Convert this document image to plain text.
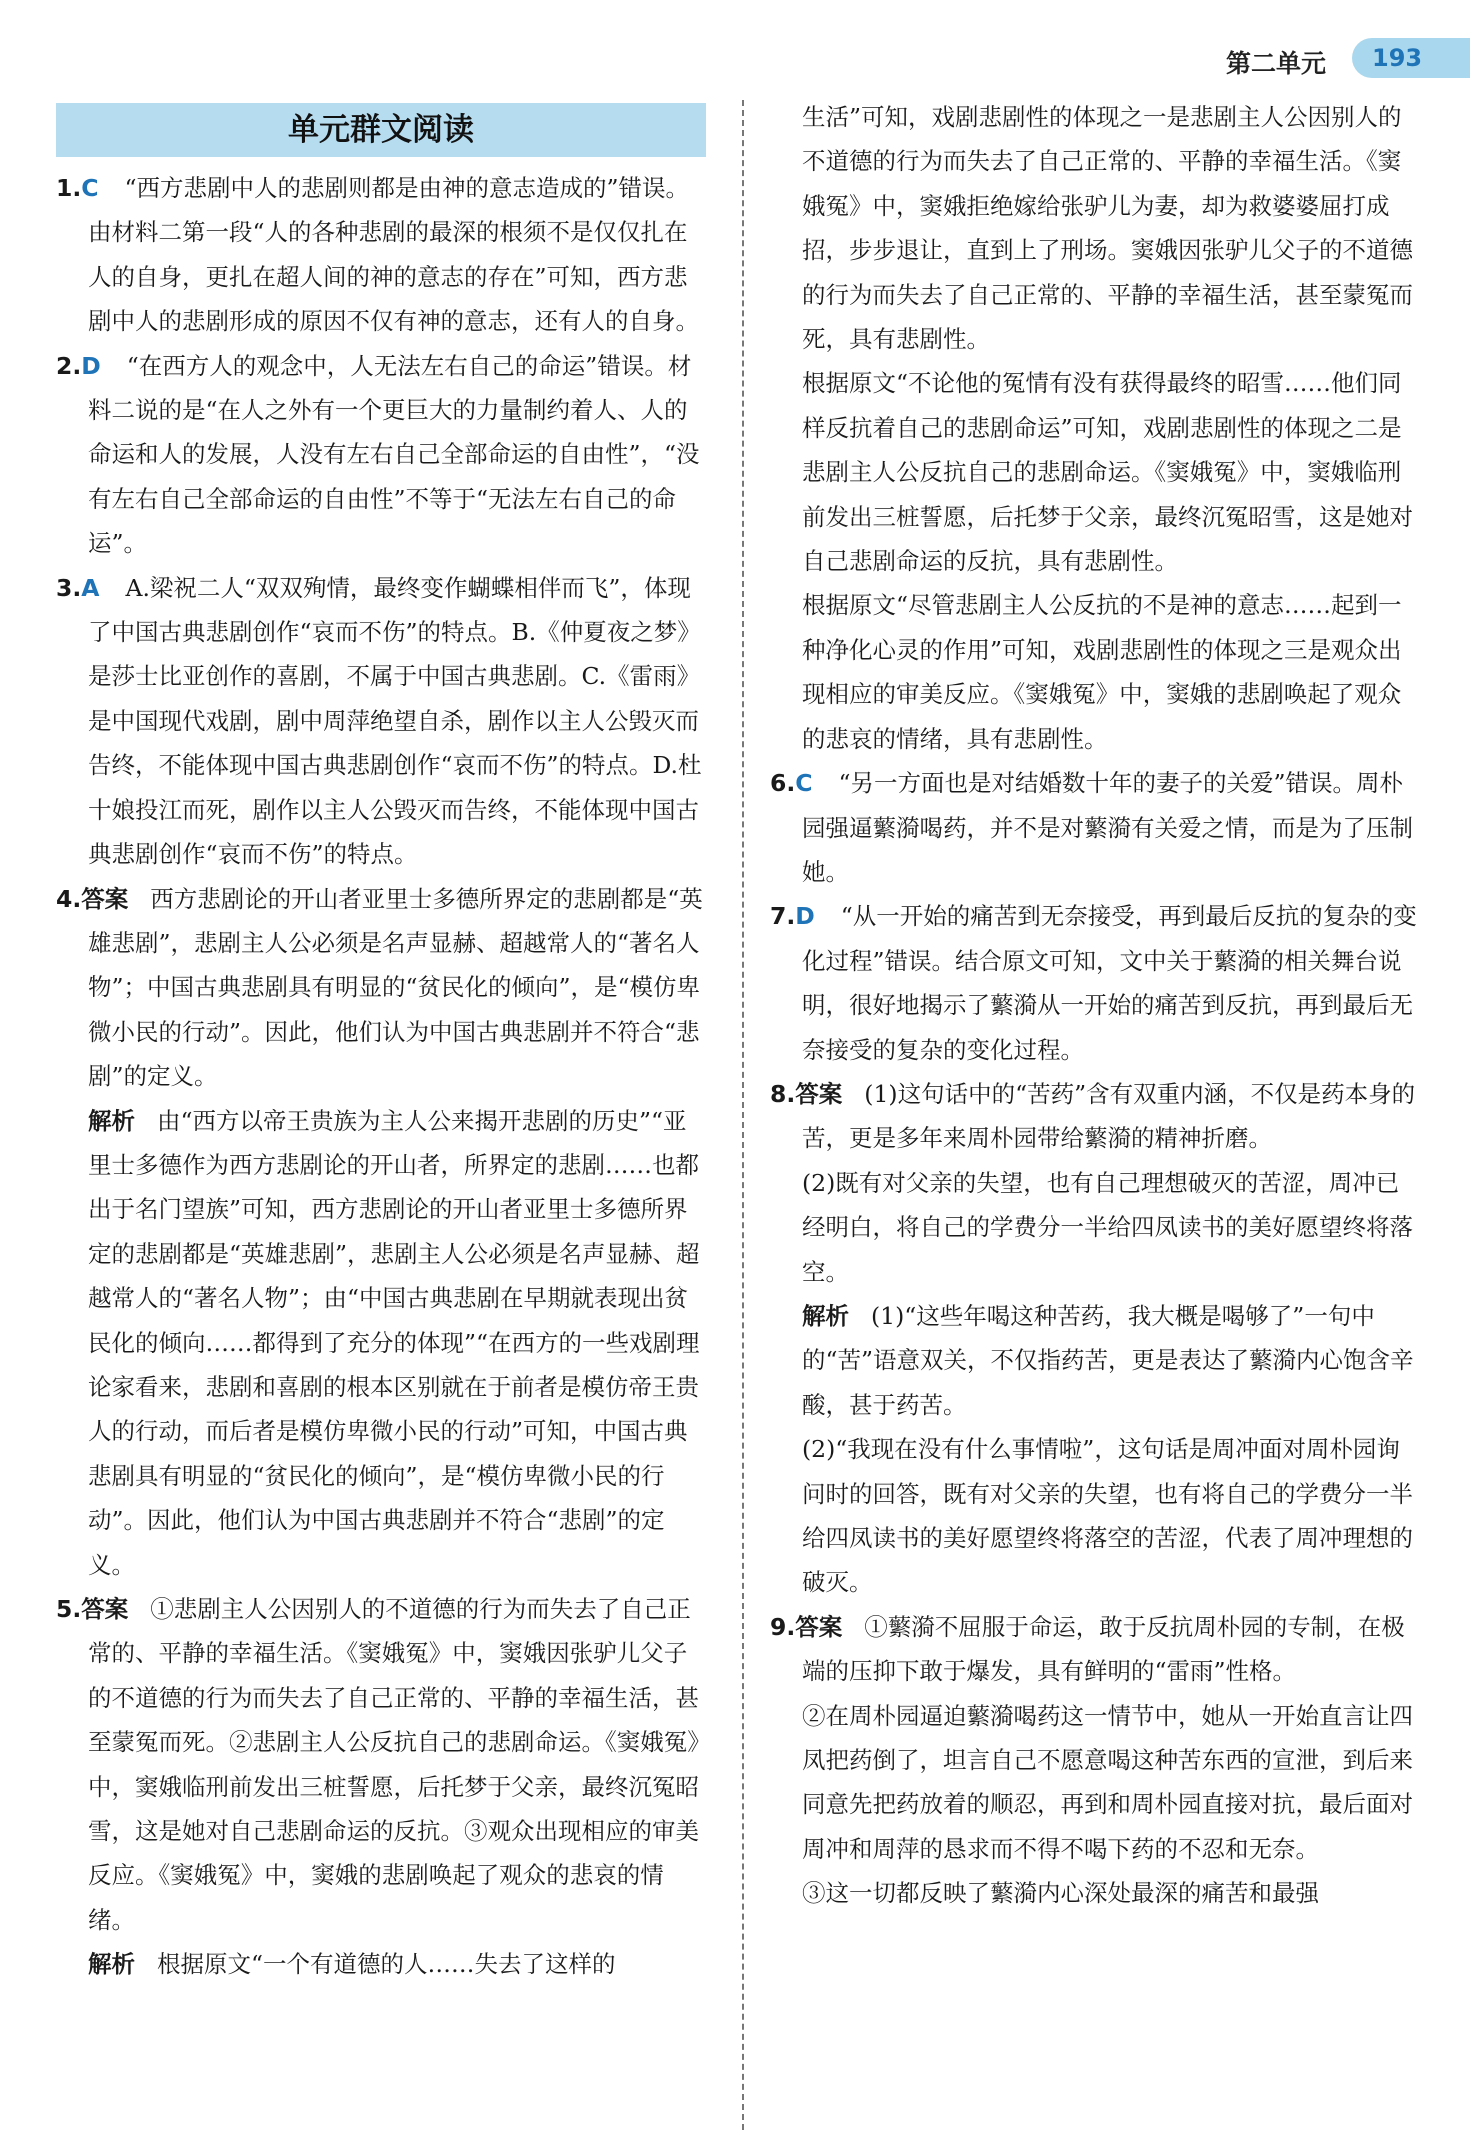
第二单元 193
单元群文阅读

1.C “西方悲剧中人的悲剧则都是由神的意志造成的”错误。由材料二第一段“人的各种悲剧的最深的根须不是仅仅扎在人的自身，更扎在超人间的神的意志的存在”可知，西方悲剧中人的悲剧形成的原因不仅有神的意志，还有人的自身。

2.D “在西方人的观念中，人无法左右自己的命运”错误。材料二说的是“在人之外有一个更巨大的力量制约着人、人的命运和人的发展，人没有左右自己全部命运的自由性”，“没有左右自己全部命运的自由性”不等于“无法左右自己的命运”。

3.A A.梁祝二人“双双殉情，最终变作蝴蝶相伴而飞”，体现了中国古典悲剧创作“哀而不伤”的特点。B.《仲夏夜之梦》是莎士比亚创作的喜剧，不属于中国古典悲剧。C.《雷雨》是中国现代戏剧，剧中周萍绝望自杀，剧作以主人公毁灭而告终，不能体现中国古典悲剧创作“哀而不伤”的特点。D.杜十娘投江而死，剧作以主人公毁灭而告终，不能体现中国古典悲剧创作“哀而不伤”的特点。

4.答案 西方悲剧论的开山者亚里士多德所界定的悲剧都是“英雄悲剧”，悲剧主人公必须是名声显赫、超越常人的“著名人物”；中国古典悲剧具有明显的“贫民化的倾向”，是“模仿卑微小民的行动”。因此，他们认为中国古典悲剧并不符合“悲剧”的定义。

解析 由“西方以帝王贵族为主人公来揭开悲剧的历史”“亚里士多德作为西方悲剧论的开山者，所界定的悲剧……也都出于名门望族”可知，西方悲剧论的开山者亚里士多德所界定的悲剧都是“英雄悲剧”，悲剧主人公必须是名声显赫、超越常人的“著名人物”；由“中国古典悲剧在早期就表现出贫民化的倾向……都得到了充分的体现”“在西方的一些戏剧理论家看来，悲剧和喜剧的根本区别就在于前者是模仿帝王贵人的行动，而后者是模仿卑微小民的行动”可知，中国古典悲剧具有明显的“贫民化的倾向”，是“模仿卑微小民的行动”。因此，他们认为中国古典悲剧并不符合“悲剧”的定义。

5.答案 ①悲剧主人公因别人的不道德的行为而失去了自己正常的、平静的幸福生活。《窦娥冤》中，窦娥因张驴儿父子的不道德的行为而失去了自己正常的、平静的幸福生活，甚至蒙冤而死。②悲剧主人公反抗自己的悲剧命运。《窦娥冤》中，窦娥临刑前发出三桩誓愿，后托梦于父亲，最终沉冤昭雪，这是她对自己悲剧命运的反抗。③观众出现相应的审美反应。《窦娥冤》中，窦娥的悲剧唤起了观众的悲哀的情绪。

解析 根据原文“一个有道德的人……失去了这样的

生活”可知，戏剧悲剧性的体现之一是悲剧主人公因别人的不道德的行为而失去了自己正常的、平静的幸福生活。《窦娥冤》中，窦娥拒绝嫁给张驴儿为妻，却为救婆婆屈打成招，步步退让，直到上了刑场。窦娥因张驴儿父子的不道德的行为而失去了自己正常的、平静的幸福生活，甚至蒙冤而死，具有悲剧性。

根据原文“不论他的冤情有没有获得最终的昭雪……他们同样反抗着自己的悲剧命运”可知，戏剧悲剧性的体现之二是悲剧主人公反抗自己的悲剧命运。《窦娥冤》中，窦娥临刑前发出三桩誓愿，后托梦于父亲，最终沉冤昭雪，这是她对自己悲剧命运的反抗，具有悲剧性。

根据原文“尽管悲剧主人公反抗的不是神的意志……起到一种净化心灵的作用”可知，戏剧悲剧性的体现之三是观众出现相应的审美反应。《窦娥冤》中，窦娥的悲剧唤起了观众的悲哀的情绪，具有悲剧性。

6.C “另一方面也是对结婚数十年的妻子的关爱”错误。周朴园强逼蘩漪喝药，并不是对蘩漪有关爱之情，而是为了压制她。

7.D “从一开始的痛苦到无奈接受，再到最后反抗的复杂的变化过程”错误。结合原文可知，文中关于蘩漪的相关舞台说明，很好地揭示了蘩漪从一开始的痛苦到反抗，再到最后无奈接受的复杂的变化过程。

8.答案 (1)这句话中的“苦药”含有双重内涵，不仅是药本身的苦，更是多年来周朴园带给蘩漪的精神折磨。

(2)既有对父亲的失望，也有自己理想破灭的苦涩，周冲已经明白，将自己的学费分一半给四凤读书的美好愿望终将落空。

解析 (1)“这些年喝这种苦药，我大概是喝够了”一句中的“苦”语意双关，不仅指药苦，更是表达了蘩漪内心饱含辛酸，甚于药苦。

(2)“我现在没有什么事情啦”，这句话是周冲面对周朴园询问时的回答，既有对父亲的失望，也有将自己的学费分一半给四凤读书的美好愿望终将落空的苦涩，代表了周冲理想的破灭。

9.答案 ①蘩漪不屈服于命运，敢于反抗周朴园的专制，在极端的压抑下敢于爆发，具有鲜明的“雷雨”性格。

②在周朴园逼迫蘩漪喝药这一情节中，她从一开始直言让四凤把药倒了，坦言自己不愿意喝这种苦东西的宣泄，到后来同意先把药放着的顺忍，再到和周朴园直接对抗，最后面对周冲和周萍的恳求而不得不喝下药的不忍和无奈。

③这一切都反映了蘩漪内心深处最深的痛苦和最强
